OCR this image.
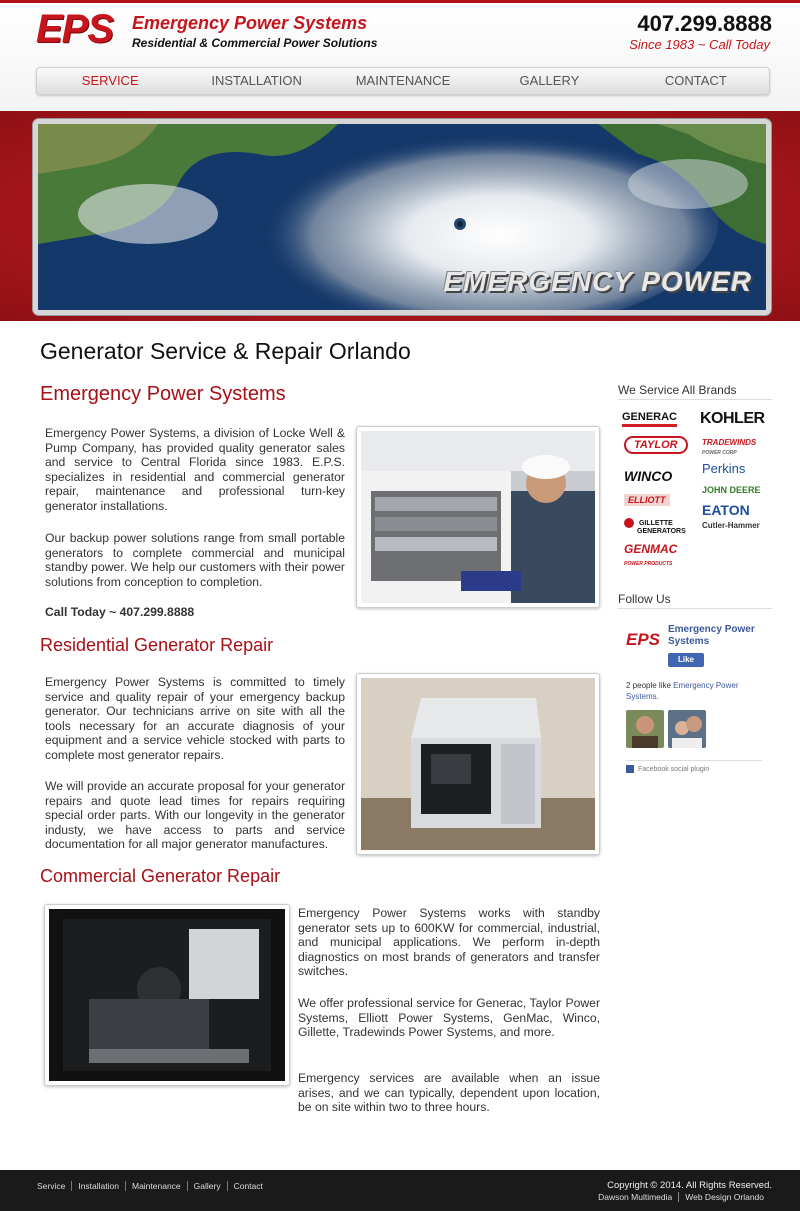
EPS Emergency Power Systems
Residential & Commercial Power Solutions
407.299.8888
Since 1983 ~ Call Today
SERVICE	INSTALLATION	MAINTENANCE	GALLERY	CONTACT
EMERGENCY POWER
Generator Service & Repair Orlando
Emergency Power Systems
Emergency Power Systems, a division of Locke Well & Pump Company, has provided quality generator sales and service to Central Florida since 1983. E.P.S. specializes in residential and commercial generator repair, maintenance and professional turn-key generator installations.
Our backup power solutions range from small portable generators to complete commercial and municipal standby power. We help our customers with their power solutions from conception to completion.
Call Today ~ 407.299.8888
Residential Generator Repair
Emergency Power Systems is committed to timely service and quality repair of your emergency backup generator. Our technicians arrive on site with all the tools necessary for an accurate diagnosis of your equipment and a service vehicle stocked with parts to complete most generator repairs.
We will provide an accurate proposal for your generator repairs and quote lead times for repairs requiring special order parts. With our longevity in the generator industy, we have access to parts and service documentation for all major generator manufactures.
Commercial Generator Repair
Emergency Power Systems works with standby generator sets up to 600KW for commercial, industrial, and municipal applications. We perform in-depth diagnostics on most brands of generators and transfer switches.
We offer professional service for Generac, Taylor Power Systems, Elliott Power Systems, GenMac, Winco, Gillette, Tradewinds Power Systems, and more.
Emergency services are available when an issue arises, and we can typically, dependent upon location, be on site within two to three hours.
We Service All Brands
GENERAC KOHLER
TAYLOR	TRADEWINDS
POWER CORP
WINCO Perkins
ELLIOTT
JOHN DEERE
GILLETTE
GENERATORS
EATON
$^{Cutler-Hammer}$
GENMAC
POWER PRODUCTS
Follow Us
EPS
Emergency Power Systems
Like
2 people like Emergency Power Systems.
Facebook social plugin
Service	Installation	Maintenance	Gallery	Contact	Copyright © 2014. All Rights Reserved.
Dawson Multimedia	Web Design Orlando
